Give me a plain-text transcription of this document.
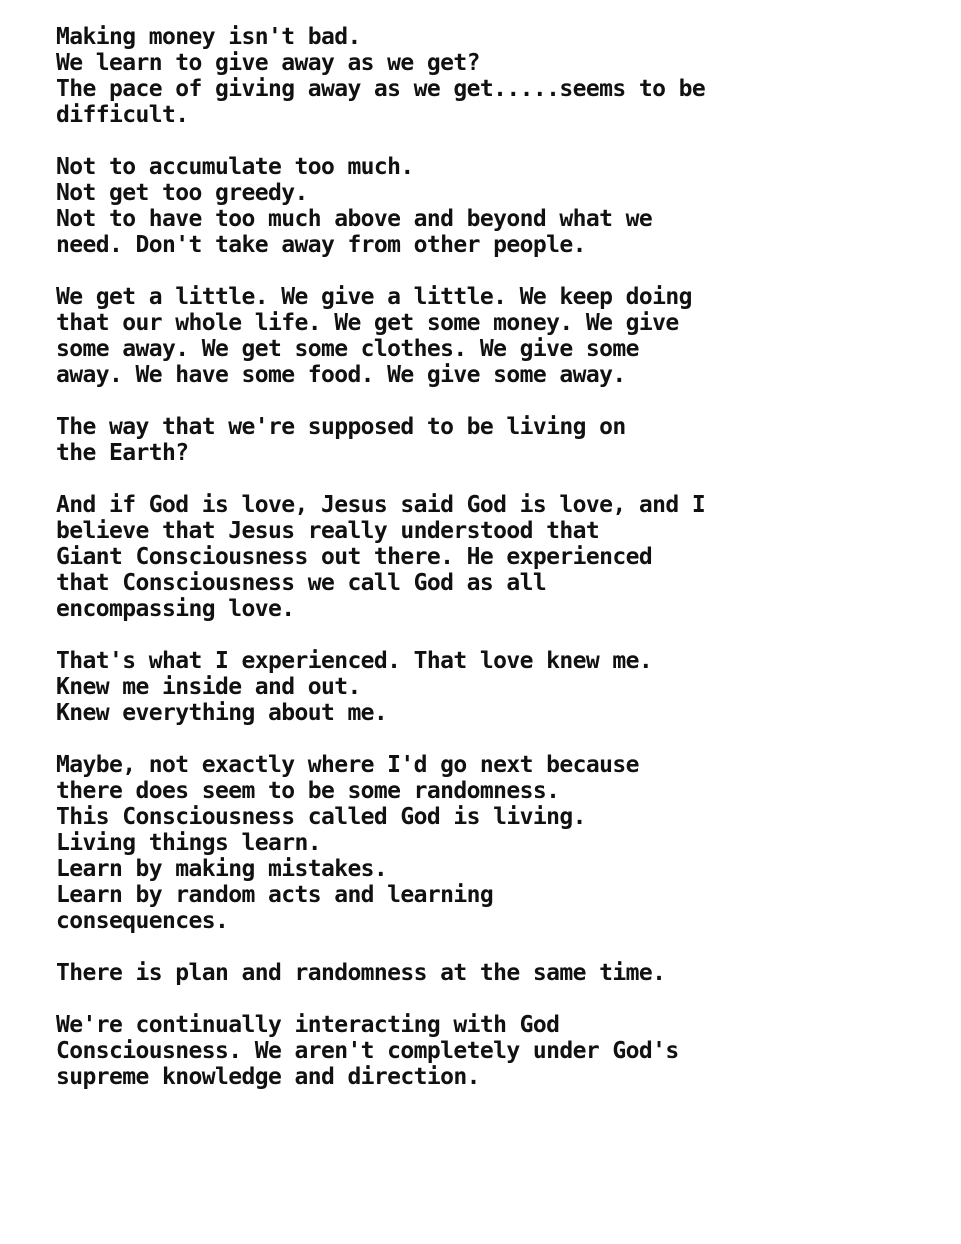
Making money isn't bad.
We learn to give away as we get?
The pace of giving away as we get.....seems to be
difficult.
Not to accumulate too much.
Not get too greedy.
Not to have too much above and beyond what we
need. Don't take away from other people.
We get a little. We give a little. We keep doing
that our whole life. We get some money. We give
some away. We get some clothes. We give some
away. We have some food. We give some away.
The way that we're supposed to be living on
the Earth?
And if God is love, Jesus said God is love, and I
believe that Jesus really understood that
Giant Consciousness out there. He experienced
that Consciousness we call God as all
encompassing love.
That's what I experienced. That love knew me.
Knew me inside and out.
Knew everything about me.
Maybe, not exactly where I'd go next because
there does seem to be some randomness.
This Consciousness called God is living.
Living things learn.
Learn by making mistakes.
Learn by random acts and learning
consequences.
There is plan and randomness at the same time.
We're continually interacting with God
Consciousness. We aren't completely under God's
supreme knowledge and direction.
